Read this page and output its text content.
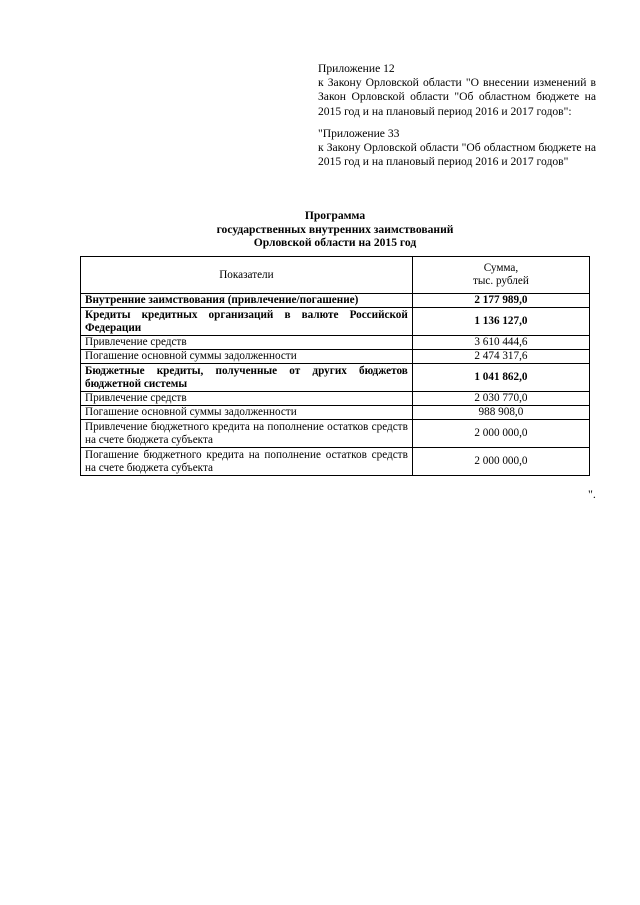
Приложение 12

к Закону Орловской области "О внесении изменений в Закон Орловской области "Об областном бюджете на 2015 год и на плановый период 2016 и 2017 годов":

"Приложение 33

к Закону Орловской области "Об областном бюджете на 2015 год и на плановый период 2016 и 2017 годов"

Программа
государственных внутренних заимствований
Орловской области на 2015 год
Показатели	Сумма,
тыс. рублей

Внутренние заимствования (привлечение/погашение)	2 177 989,0
Кредиты кредитных организаций в валюте Российской Федерации	1 136 127,0
Привлечение средств	3 610 444,6
Погашение основной суммы задолженности	2 474 317,6
Бюджетные кредиты, полученные от других бюджетов бюджетной системы	1 041 862,0
Привлечение средств	2 030 770,0
Погашение основной суммы задолженности	988 908,0
Привлечение бюджетного кредита на пополнение остатков средств на счете бюджета субъекта	2 000 000,0
Погашение бюджетного кредита на пополнение остатков средств на счете бюджета субъекта	2 000 000,0
".
